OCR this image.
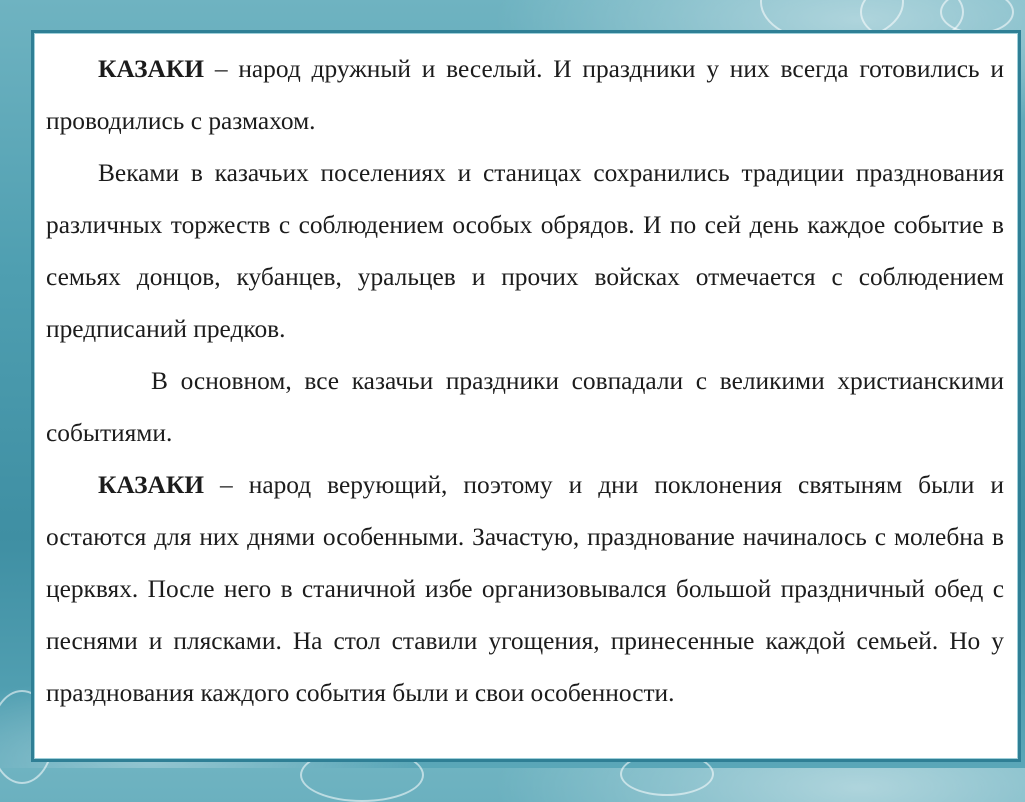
КАЗАКИ – народ дружный и веселый. И праздники у них всегда готовились и проводились с размахом.

Веками в казачьих поселениях и станицах сохранились традиции празднования различных торжеств с соблюдением особых обрядов. И по сей день каждое событие в семьях донцов, кубанцев, уральцев и прочих войсках отмечается с соблюдением предписаний предков.

В основном, все казачьи праздники совпадали с великими христианскими событиями.

КАЗАКИ – народ верующий, поэтому и дни поклонения святыням были и остаются для них днями особенными. Зачастую, празднование начиналось с молебна в церквях. После него в станичной избе организовывался большой праздничный обед с песнями и плясками. На стол ставили угощения, принесенные каждой семьей. Но у празднования каждого события были и свои особенности.
